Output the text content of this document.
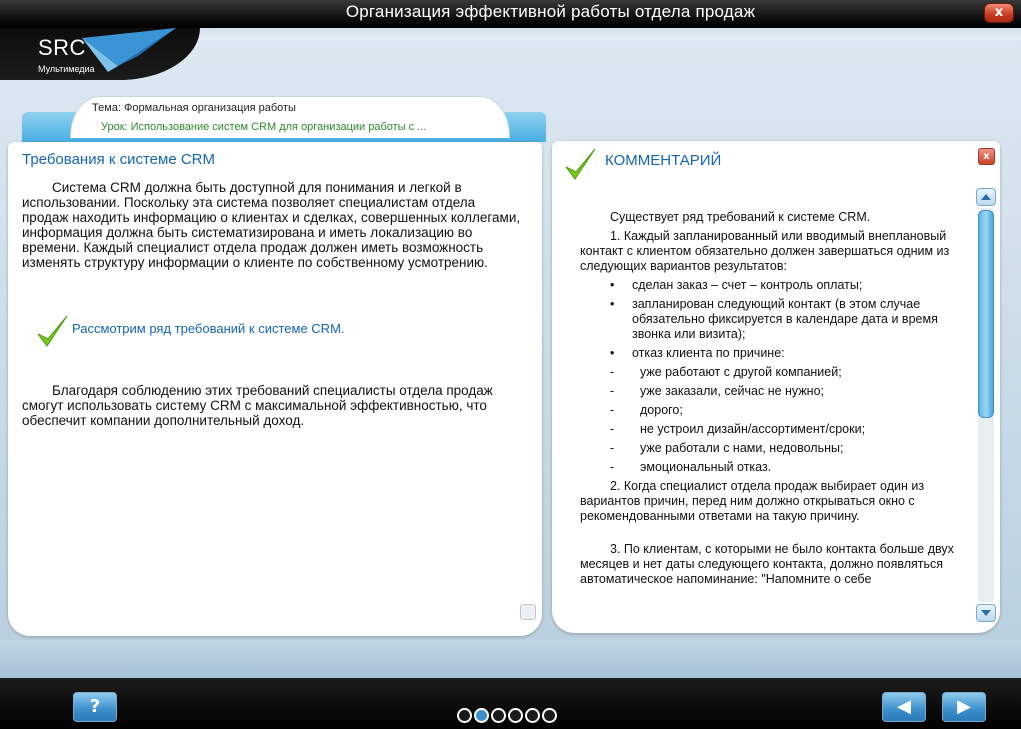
Организация эффективной работы отдела продаж	x
SRC
Мультимедиа
Тема: Формальная организация работы
Урок: Использование систем CRM для организации работы с ...
Требования к системе CRM
Система CRM должна быть доступной для понимания и легкой в использовании. Поскольку эта система позволяет специалистам отдела продаж находить информацию о клиентах и сделках, совершенных коллегами, информация должна быть систематизирована и иметь локализацию во времени. Каждый специалист отдела продаж должен иметь возможность изменять структуру информации о клиенте по собственному усмотрению.
Рассмотрим ряд требований к системе CRM.
Благодаря соблюдению этих требований специалисты отдела продаж смогут использовать систему CRM с максимальной эффективностью, что обеспечит компании дополнительный доход.
КОММЕНТАРИЙ	x

Существует ряд требований к системе CRM.

1. Каждый запланированный или вводимый внеплановый контакт с клиентом обязательно должен завершаться одним из следующих вариантов результатов:

• сделан заказ – счет – контроль оплаты;
• запланирован следующий контакт (в этом случае обязательно фиксируется в календаре дата и время звонка или визита);
• отказ клиента по причине:
- уже работают с другой компанией;
- уже заказали, сейчас не нужно;
- дорого;
- не устроил дизайн/ассортимент/сроки;
- уже работали с нами, недовольны;
- эмоциональный отказ.

2. Когда специалист отдела продаж выбирает один из вариантов причин, перед ним должно открываться окно с рекомендованными ответами на такую причину.

3. По клиентам, с которыми не было контакта больше двух месяцев и нет даты следующего контакта, должно появляться автоматическое напоминание: "Напомните о себе

?	◀	▶
